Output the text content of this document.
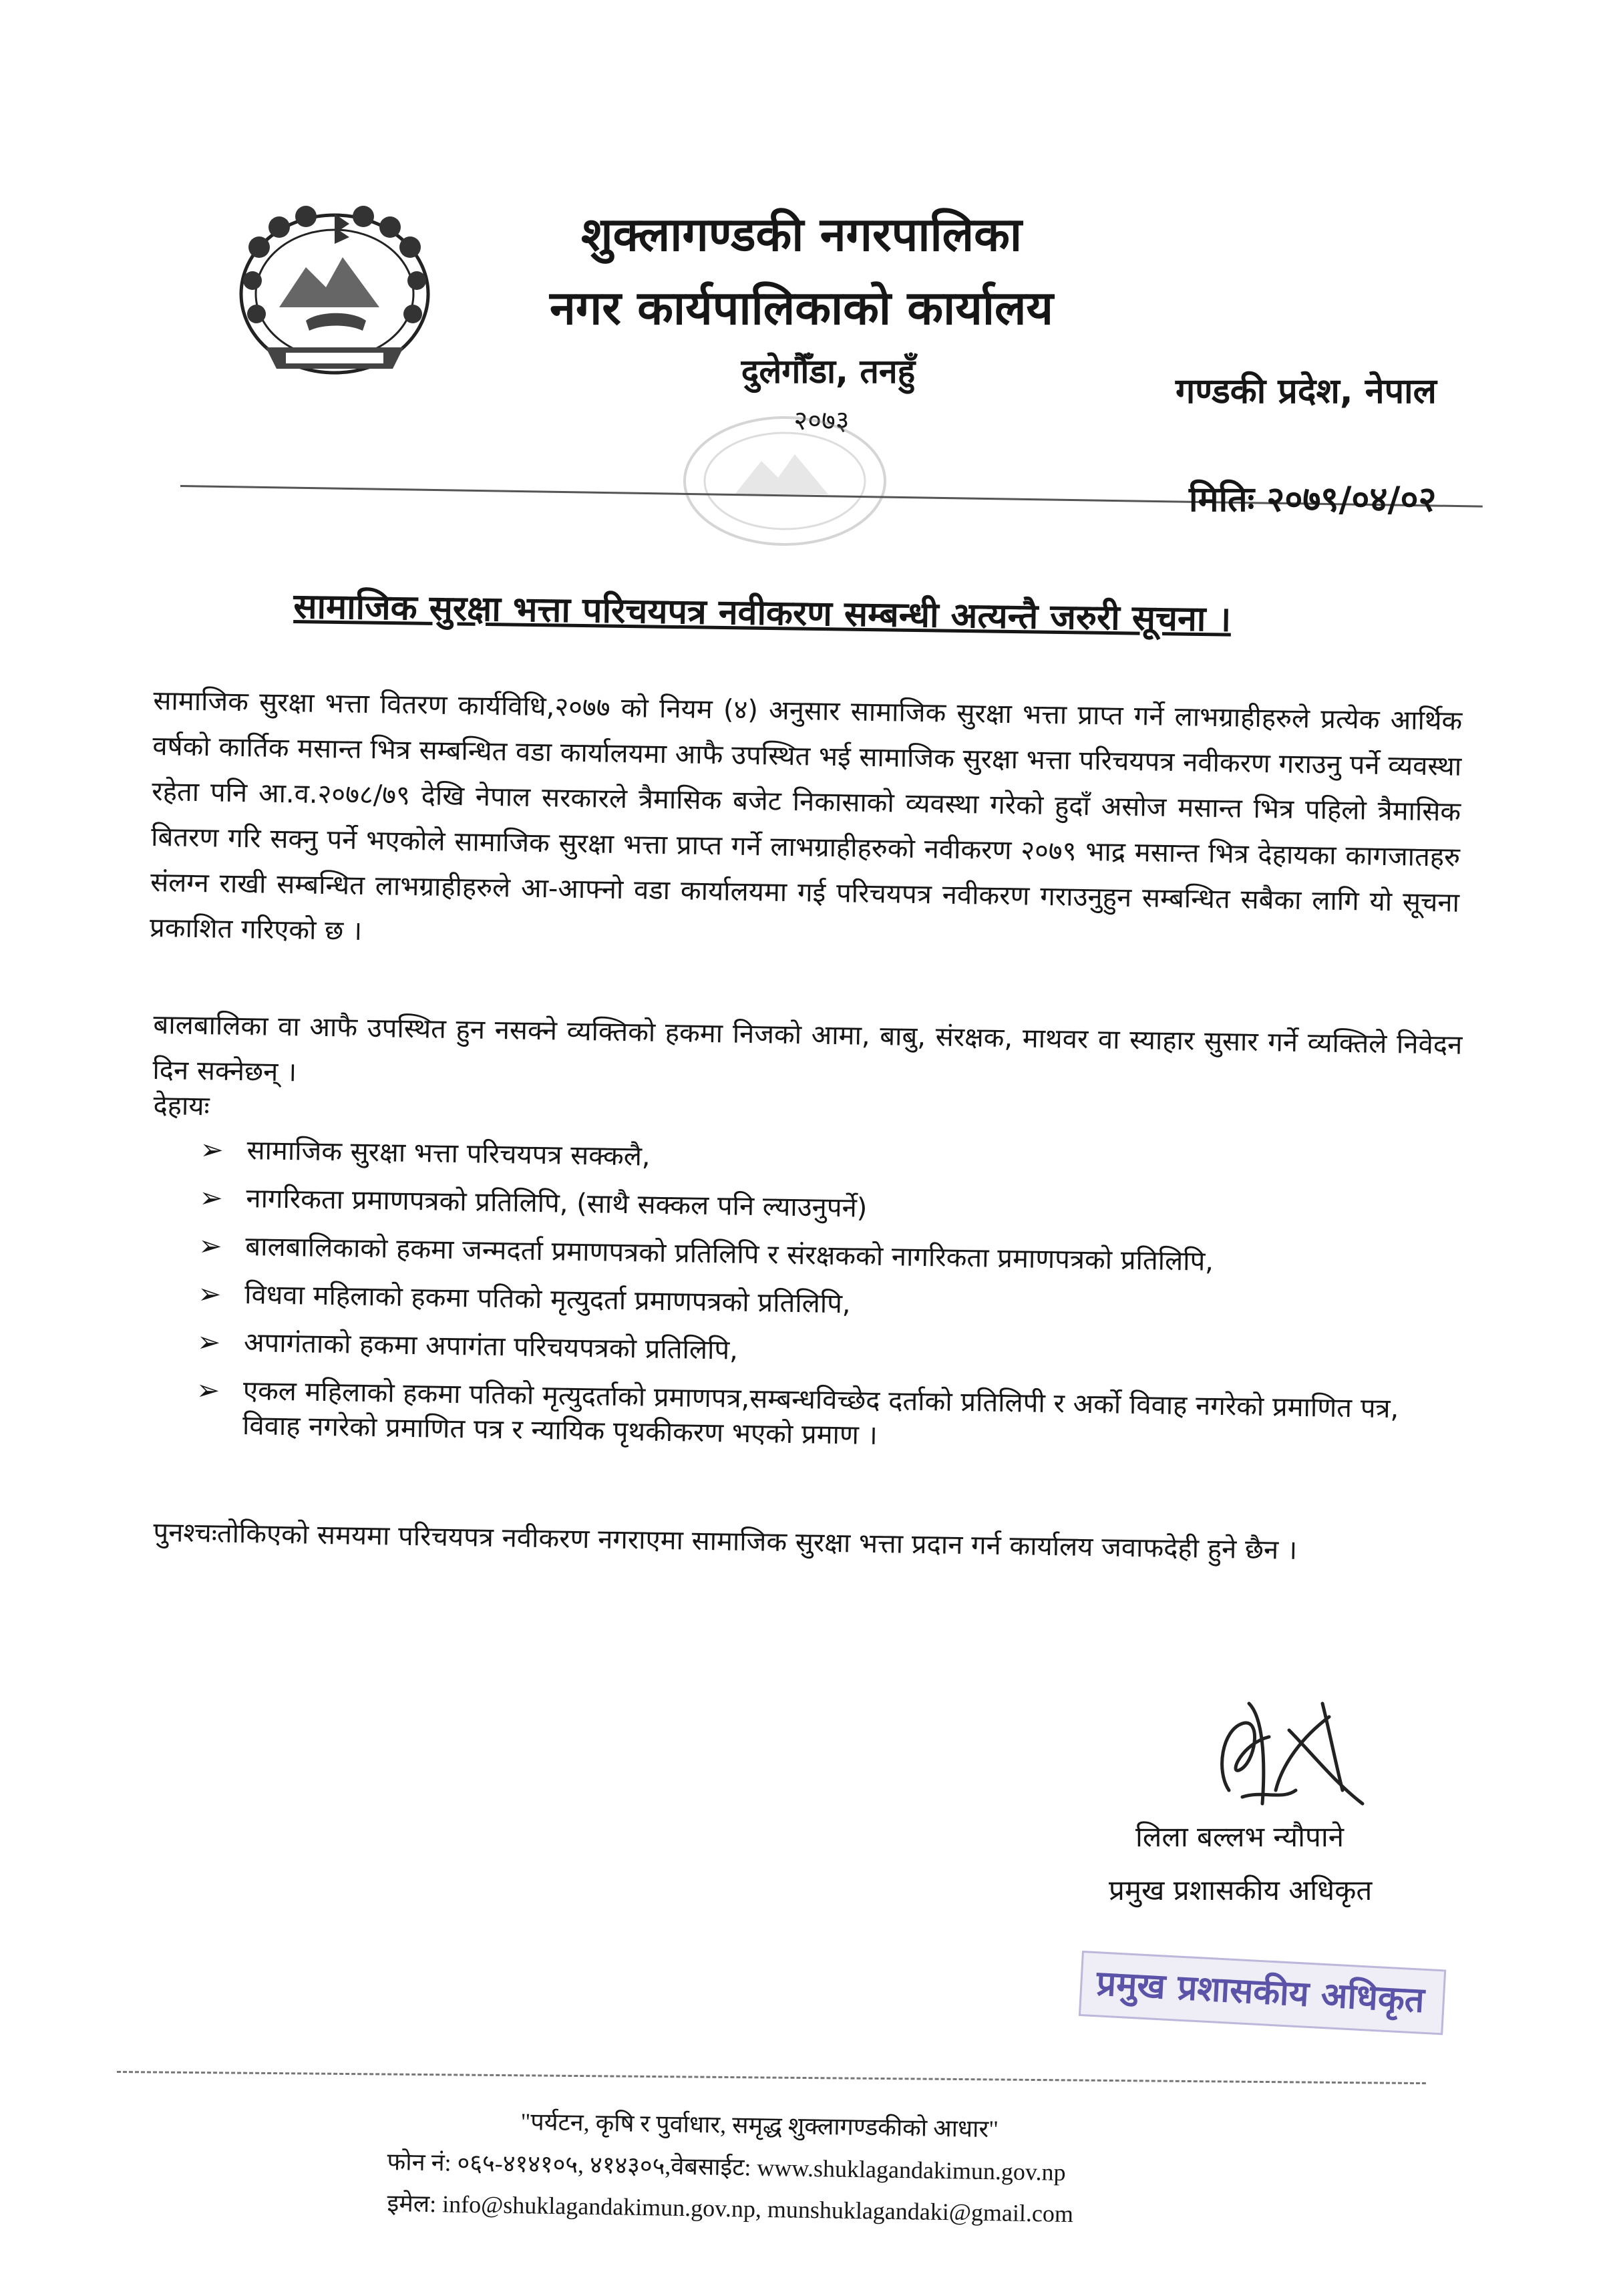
शुक्लागण्डकी नगरपालिका
नगर कार्यपालिकाको कार्यालय
दुलेगौँडा, तनहुँ
२०७३
गण्डकी प्रदेश, नेपाल
मितिः २०७९/०४/०२
सामाजिक सुरक्षा भत्ता परिचयपत्र नवीकरण सम्बन्धी अत्यन्तै जरुरी सूचना ।
सामाजिक सुरक्षा भत्ता वितरण कार्यविधि,२०७७ को नियम (४) अनुसार सामाजिक सुरक्षा भत्ता प्राप्त गर्ने लाभग्राहीहरुले प्रत्येक आर्थिक वर्षको कार्तिक मसान्त भित्र सम्बन्धित वडा कार्यालयमा आफै उपस्थित भई सामाजिक सुरक्षा भत्ता परिचयपत्र नवीकरण गराउनु पर्ने व्यवस्था रहेता पनि आ.व.२०७८/७९ देखि नेपाल सरकारले त्रैमासिक बजेट निकासाको व्यवस्था गरेको हुदाँ असोज मसान्त भित्र पहिलो त्रैमासिक बितरण गरि सक्नु पर्ने भएकोले सामाजिक सुरक्षा भत्ता प्राप्त गर्ने लाभग्राहीहरुको नवीकरण २०७९ भाद्र मसान्त भित्र देहायका कागजातहरु संलग्न राखी सम्बन्धित लाभग्राहीहरुले आ-आफ्नो वडा कार्यालयमा गई परिचयपत्र नवीकरण गराउनुहुन सम्बन्धित सबैका लागि यो सूचना प्रकाशित गरिएको छ ।
बालबालिका वा आफै उपस्थित हुन नसक्ने व्यक्तिको हकमा निजको आमा, बाबु, संरक्षक, माथवर वा स्याहार सुसार गर्ने व्यक्तिले निवेदन दिन सक्नेछन् ।
देहायः
➢ सामाजिक सुरक्षा भत्ता परिचयपत्र सक्कलै,
➢ नागरिकता प्रमाणपत्रको प्रतिलिपि, (साथै सक्कल पनि ल्याउनुपर्ने)
➢ बालबालिकाको हकमा जन्मदर्ता प्रमाणपत्रको प्रतिलिपि र संरक्षकको नागरिकता प्रमाणपत्रको प्रतिलिपि,
➢ विधवा महिलाको हकमा पतिको मृत्युदर्ता प्रमाणपत्रको प्रतिलिपि,
➢ अपागंताको हकमा अपागंता परिचयपत्रको प्रतिलिपि,
➢ एकल महिलाको हकमा पतिको मृत्युदर्ताको प्रमाणपत्र,सम्बन्धविच्छेद दर्ताको प्रतिलिपी र अर्को विवाह नगरेको प्रमाणित पत्र, विवाह नगरेको प्रमाणित पत्र र न्यायिक पृथकीकरण भएको प्रमाण ।
पुनश्चःतोकिएको समयमा परिचयपत्र नवीकरण नगराएमा सामाजिक सुरक्षा भत्ता प्रदान गर्न कार्यालय जवाफदेही हुने छैन ।
लिला बल्लभ न्यौपाने
प्रमुख प्रशासकीय अधिकृत
प्रमुख प्रशासकीय अधिकृत
"पर्यटन, कृषि र पुर्वाधार, समृद्ध शुक्लागण्डकीको आधार"
फोन नं: ०६५-४१४१०५, ४१४३०५,वेबसाईट: www.shuklagandakimun.gov.np
इमेल: info@shuklagandakimun.gov.np, munshuklagandaki@gmail.com
